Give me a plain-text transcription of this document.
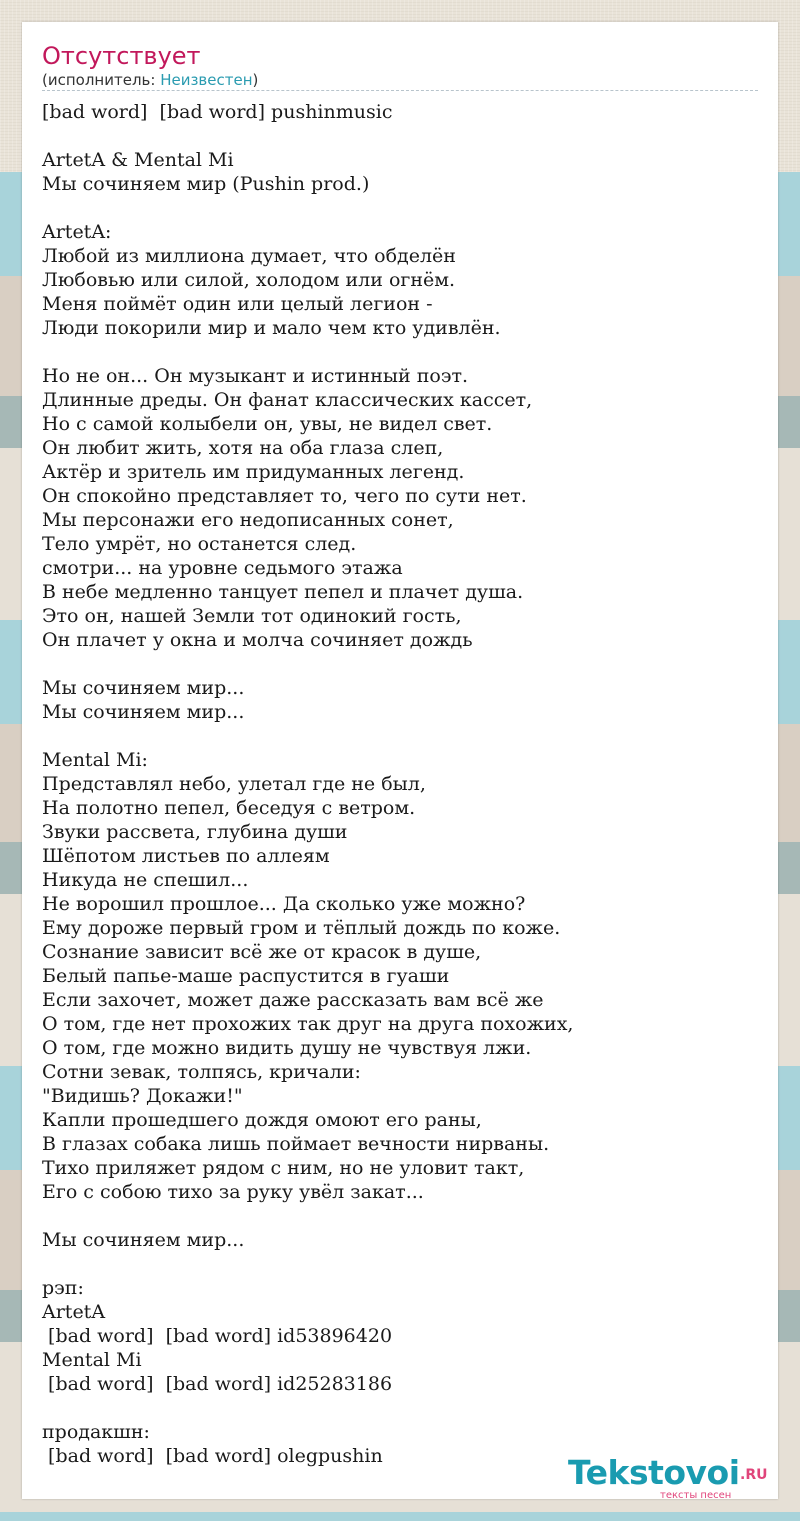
Отсутствует
(исполнитель: Неизвестен)
[bad word]  [bad word] pushinmusic
ArtetA & Mental Mi
Мы сочиняем мир (Pushin prod.)
ArtetA:
Любой из миллиона думает, что обделён
Любовью или силой, холодом или огнём.
Меня поймёт один или целый легион -
Люди покорили мир и мало чем кто удивлён.
Но не он... Он музыкант и истинный поэт.
Длинные дреды. Он фанат классических кассет,
Но с самой колыбели он, увы, не видел свет.
Он любит жить, хотя на оба глаза слеп,
Актёр и зритель им придуманных легенд.
Он спокойно представляет то, чего по сути нет.
Мы персонажи его недописанных сонет,
Тело умрёт, но останется след.
смотри... на уровне седьмого этажа
В небе медленно танцует пепел и плачет душа.
Это он, нашей Земли тот одинокий гость,
Он плачет у окна и молча сочиняет дождь
Мы сочиняем мир...
Мы сочиняем мир...
Mental Mi:
Представлял небо, улетал где не был,
На полотно пепел, беседуя с ветром.
Звуки рассвета, глубина души
Шёпотом листьев по аллеям
Никуда не спешил...
Не ворошил прошлое... Да сколько уже можно?
Ему дороже первый гром и тёплый дождь по коже.
Сознание зависит всё же от красок в душе,
Белый папье-маше распустится в гуаши
Если захочет, может даже рассказать вам всё же
О том, где нет прохожих так друг на друга похожих,
О том, где можно видить душу не чувствуя лжи.
Сотни зевак, толпясь, кричали:
"Видишь? Докажи!"
Капли прошедшего дождя омоют его раны,
В глазах собака лишь поймает вечности нирваны.
Тихо приляжет рядом с ним, но не уловит такт,
Его с собою тихо за руку увёл закат...
Мы сочиняем мир...
рэп:
ArtetA
[bad word]  [bad word] id53896420
Mental Mi
[bad word]  [bad word] id25283186
продакшн:
[bad word]  [bad word] olegpushin	Tekstovoi .RU
тексты песен
